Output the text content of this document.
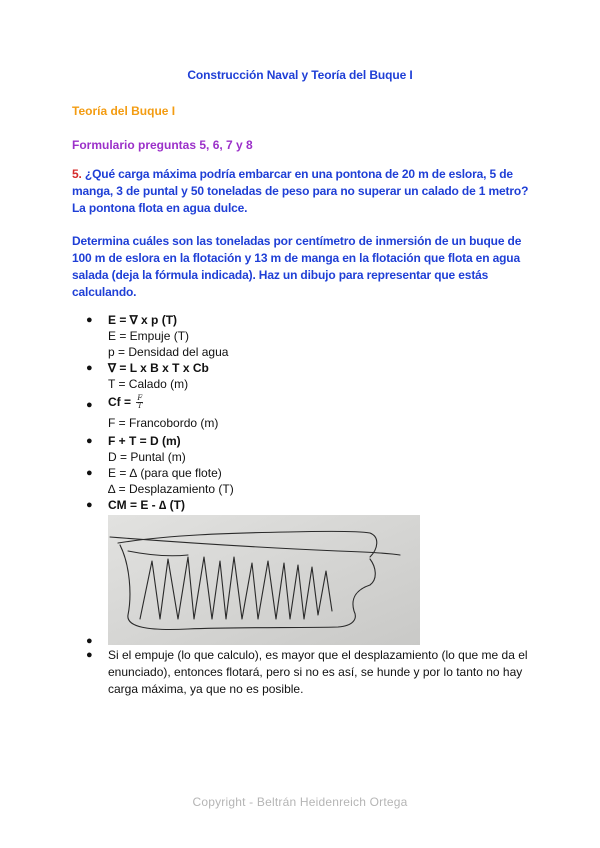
Construcción Naval y Teoría del Buque I
Teoría del Buque I
Formulario preguntas 5, 6, 7 y 8
5. ¿Qué carga máxima podría embarcar en una pontona de 20 m de eslora, 5 de manga, 3 de puntal y 50 toneladas de peso para no superar un calado de 1 metro? La pontona flota en agua dulce.
Determina cuáles son las toneladas por centímetro de inmersión de un buque de 100 m de eslora en la flotación y 13 m de manga en la flotación que flota en agua salada (deja la fórmula indicada). Haz un dibujo para representar que estás calculando.
● E = ∇ x p (T)
E = Empuje (T)
p = Densidad del agua
● ∇ = L x B x T x Cb
T = Calado (m)
● $Cf = \frac{F}{T}$
F = Francobordo (m)
● F + T = D (m)
D = Puntal (m)
● E = ∆ (para que flote)
∆ = Desplazamiento (T)
● CM = E - ∆ (T)
●
● Si el empuje (lo que calculo), es mayor que el desplazamiento (lo que me da el enunciado), entonces flotará, pero si no es así, se hunde y por lo tanto no hay carga máxima, ya que no es posible.
Copyright - Beltrán Heidenreich Ortega
